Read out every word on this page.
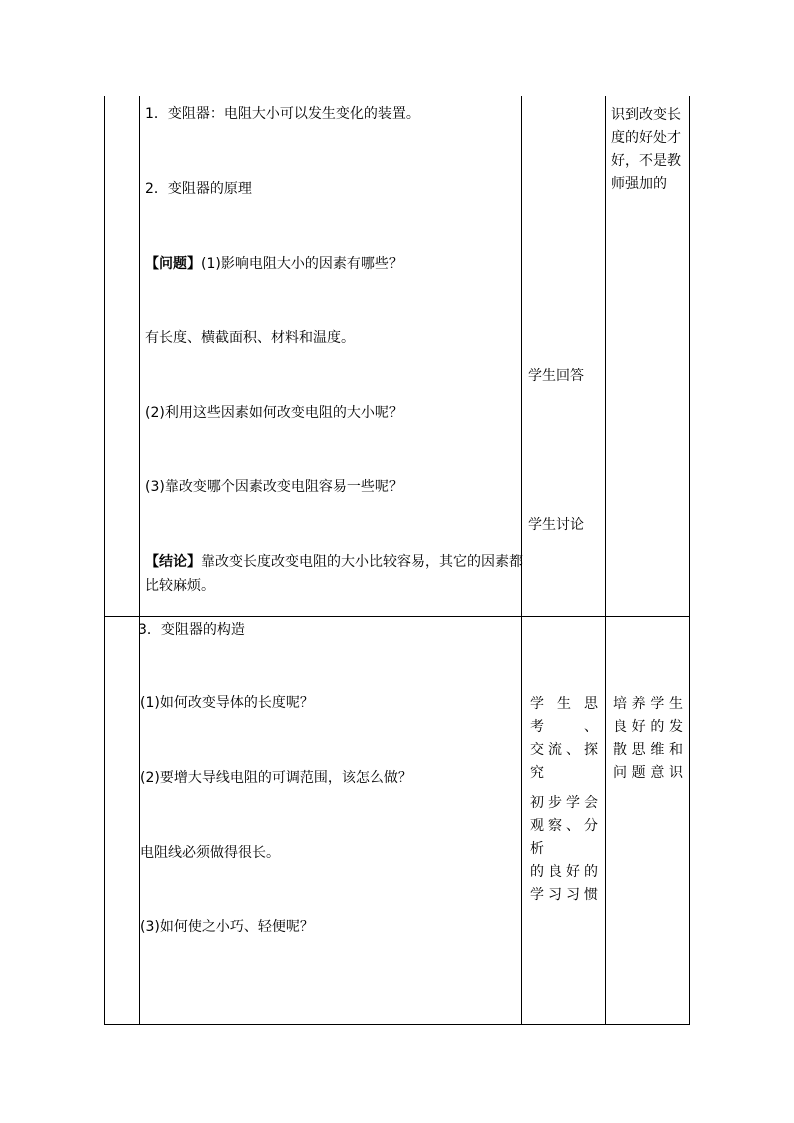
1．变阻器：电阻大小可以发生变化的装置。
2．变阻器的原理
【问题】(1)影响电阻大小的因素有哪些？
有长度、横截面积、材料和温度。
(2)利用这些因素如何改变电阻的大小呢？
(3)靠改变哪个因素改变电阻容易一些呢？
【结论】靠改变长度改变电阻的大小比较容易，其它的因素都
比较麻烦。
学生回答
学生讨论
识到改变长
度的好处才
好，不是教
师强加的
3．变阻器的构造
(1)如何改变导体的长度呢？
(2)要增大导线电阻的可调范围，该怎么做？
电阻线必须做得很长。
(3)如何使之小巧、轻便呢？
学生思考、
交流、探究
初步学会
观察、分析
的良好的
学习习惯
培养学生
良好的发
散思维和
问题意识
